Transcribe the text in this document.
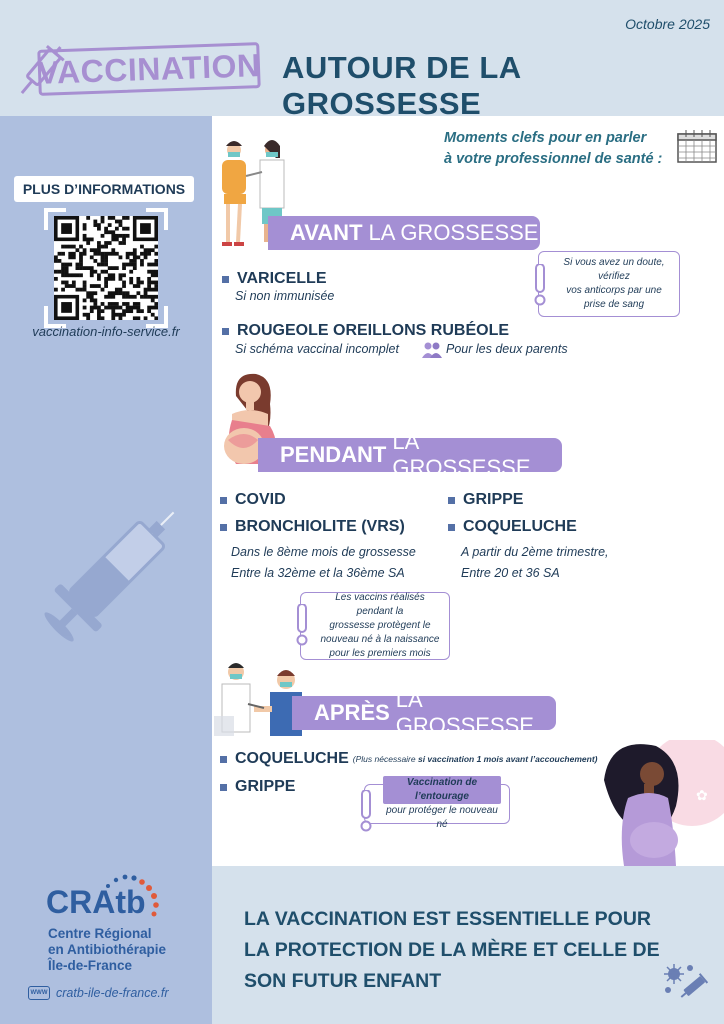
Octobre 2025
VACCINATION AUTOUR DE LA GROSSESSE
PLUS D’INFORMATIONS
vaccination-info-service.fr
Moments clefs pour en parler
à votre professionnel de santé :
AVANT LA GROSSESSE
VARICELLE
Si non immunisée
ROUGEOLE OREILLONS RUBÉOLE
Si schéma vaccinal incomplet	Pour les deux parents
Si vous avez un doute, vérifiez
vos anticorps par une
prise de sang
PENDANT
LA GROSSESSE
COVID
BRONCHIOLITE (VRS)
GRIPPE
COQUELUCHE
Dans le 8ème mois de grossesse
Entre la 32ème et la 36ème SA
A partir du 2ème trimestre,
Entre 20 et 36 SA
Les vaccins réalisés pendant la
grossesse protègent le
nouveau né à la naissance
pour les premiers mois
APRÈS
LA GROSSESSE
COQUELUCHE (Plus nécessaire si vaccination 1 mois avant l’accouchement)
GRIPPE	Vaccination de l’entourage
pour protéger le nouveau né
✿
CRAtb
Centre Régional
en Antibiothérapie
Île-de-France
WWW cratb-ile-de-france.fr
LA VACCINATION EST ESSENTIELLE POUR LA PROTECTION DE LA MÈRE ET CELLE DE SON FUTUR ENFANT
